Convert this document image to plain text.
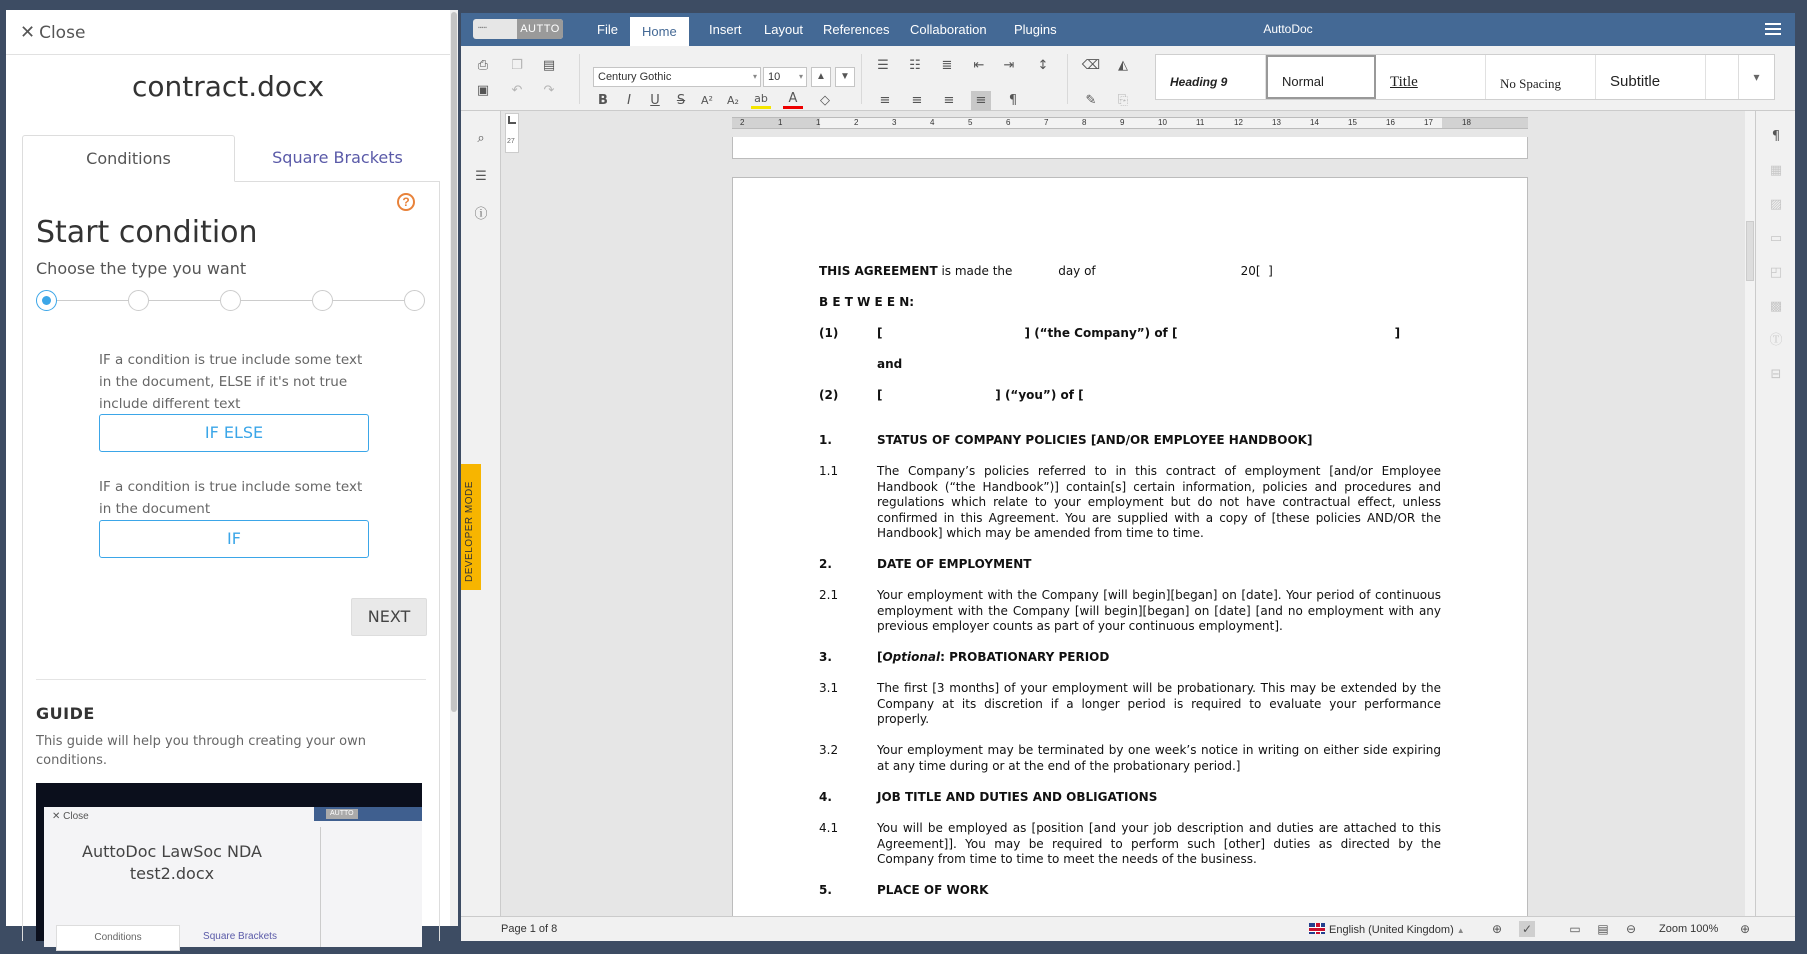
✕ Close
contract.docx
Conditions	Square Brackets
?
Start condition
Choose the type you want
IF a condition is true include some text in the document, ELSE if it's not true include different text
IF ELSE
IF a condition is true include some text in the document
IF
NEXT
GUIDE
This guide will help you through creating your own conditions.
✕ Close
AuttoDoc LawSoc NDA
test2.docx
Conditions	Square Brackets
AUTTO
▪▪▪▪▪	AUTTO	File	Home	Insert	Layout	References	Collaboration	Plugins	AuttoDoc
⎙
▣
❐	▤
↶	↷
Century Gothic	▾	10 ▾	▲	▼
B	I	U	S	A²	A₂	ab	A	◇
☰	☷	≣	⇤	⇥	↕
≡	≡	≡	≡	¶
⌫	◭
✎	⎘
Heading 9	Normal	Title	No Spacing	Subtitle	▾
⌕
☰
ⓘ
DEVELOPER MODE
27
2	1	1	2	3	4	5	6	7	8	9	10	11	12	13	14	15	16	17	18
THIS AGREEMENT is made the            day of                                      20[  ]
B E T W E E N:
(1)	[                                  ] (“the Company”) of [                                                    ]
and
(2)	[                           ] (“you”) of [
1.	STATUS OF COMPANY POLICIES [AND/OR EMPLOYEE HANDBOOK]
1.1	The Company’s policies referred to in this contract of employment [and/or Employee Handbook (“the Handbook”)] contain[s] certain information, policies and procedures and regulations which relate to your employment but do not have contractual effect, unless confirmed in this Agreement. You are supplied with a copy of [these policies AND/OR the Handbook] which may be amended from time to time.
2.	DATE OF EMPLOYMENT
2.1	Your employment with the Company [will begin][began] on [date]. Your period of continuous employment with the Company [will begin][began] on [date] [and no employment with any previous employer counts as part of your continuous employment].
3.	[Optional: PROBATIONARY PERIOD
3.1	The first [3 months] of your employment will be probationary. This may be extended by the Company at its discretion if a longer period is required to evaluate your performance properly.
3.2	Your employment may be terminated by one week’s notice in writing on either side expiring at any time during or at the end of the probationary period.]
4.	JOB TITLE AND DUTIES AND OBLIGATIONS
4.1	You will be employed as [position [and your job description and duties are attached to this Agreement]]. You may be required to perform such [other] duties as directed by the Company from time to time to meet the needs of the business.
5.	PLACE OF WORK
¶
▦
▨
▭
◰
▩
Ⓣ
⊟
Page 1 of 8	English (United Kingdom) ▲ ⊕ ✓	▭ ▤ ⊖ Zoom 100% ⊕
